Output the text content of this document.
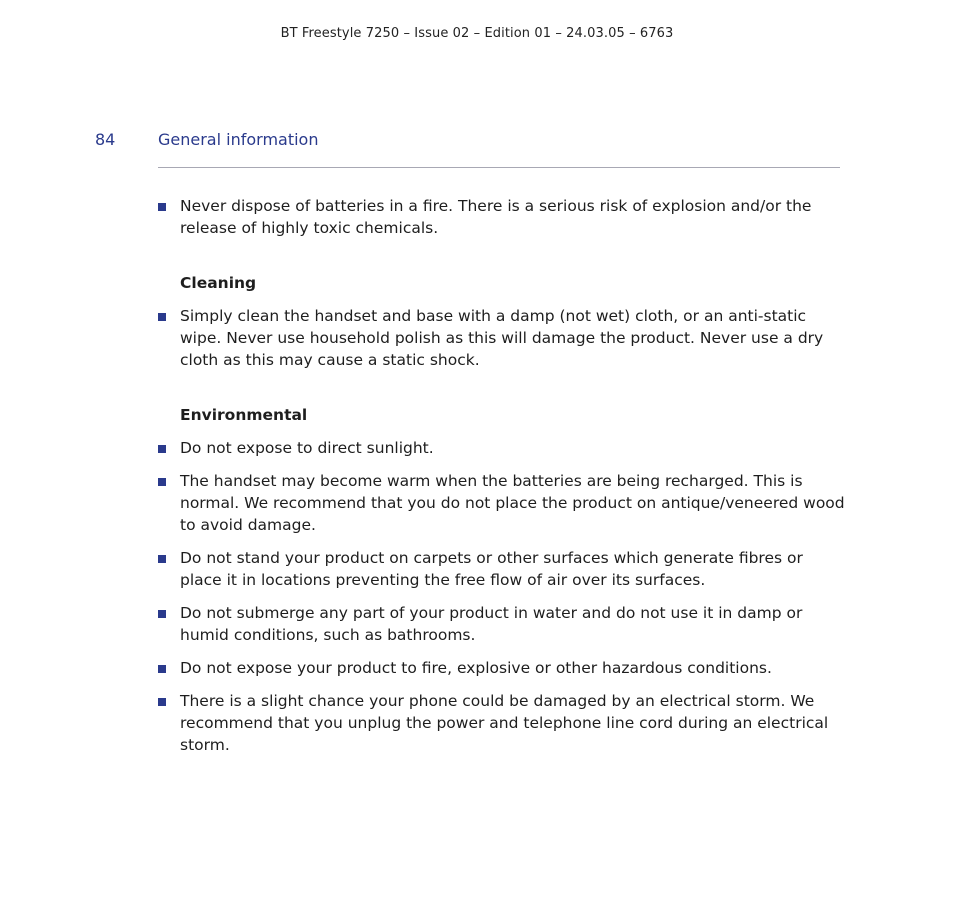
BT Freestyle 7250 – Issue 02 – Edition 01 – 24.03.05 – 6763
84	General information
Never dispose of batteries in a fire. There is a serious risk of explosion and/or the release of highly toxic chemicals.
Cleaning
Simply clean the handset and base with a damp (not wet) cloth, or an anti-static wipe. Never use household polish as this will damage the product. Never use a dry cloth as this may cause a static shock.
Environmental
Do not expose to direct sunlight.
The handset may become warm when the batteries are being recharged. This is normal. We recommend that you do not place the product on antique/veneered wood to avoid damage.
Do not stand your product on carpets or other surfaces which generate fibres or place it in locations preventing the free flow of air over its surfaces.
Do not submerge any part of your product in water and do not use it in damp or humid conditions, such as bathrooms.
Do not expose your product to fire, explosive or other hazardous conditions.
There is a slight chance your phone could be damaged by an electrical storm. We recommend that you unplug the power and telephone line cord during an electrical storm.
